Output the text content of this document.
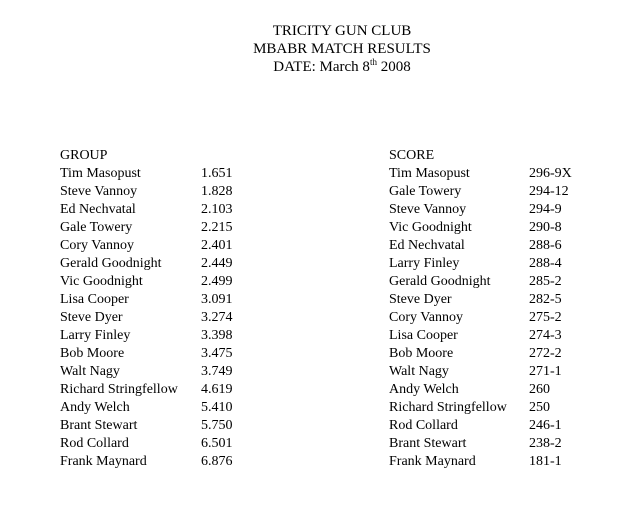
TRICITY GUN CLUB
MBABR MATCH RESULTS
DATE: March 8th 2008
GROUP
Tim Masopust	1.651
Steve Vannoy	1.828
Ed Nechvatal	2.103
Gale Towery	2.215
Cory Vannoy	2.401
Gerald Goodnight	2.449
Vic Goodnight	2.499
Lisa Cooper	3.091
Steve Dyer	3.274
Larry Finley	3.398
Bob Moore	3.475
Walt Nagy	3.749
Richard Stringfellow 4.619
Andy Welch	5.410
Brant Stewart	5.750
Rod Collard	6.501
Frank Maynard	6.876
SCORE
Tim Masopust	296-9X
Gale Towery	294-12
Steve Vannoy	294-9
Vic Goodnight	290-8
Ed Nechvatal	288-6
Larry Finley	288-4
Gerald Goodnight	285-2
Steve Dyer	282-5
Cory Vannoy	275-2
Lisa Cooper	274-3
Bob Moore	272-2
Walt Nagy	271-1
Andy Welch	260
Richard Stringfellow 250
Rod Collard	246-1
Brant Stewart	238-2
Frank Maynard	181-1
